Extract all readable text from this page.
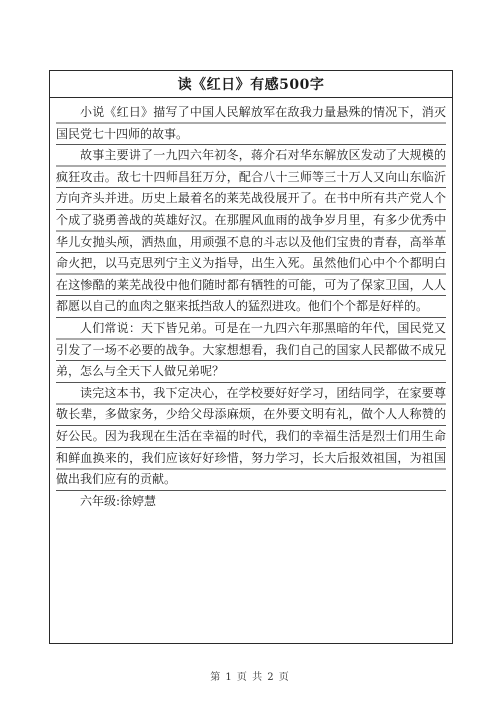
读《红日》有感500字

小说《红日》描写了中国人民解放军在敌我力量悬殊的情况下，消灭国民党七十四师的故事。

故事主要讲了一九四六年初冬，蒋介石对华东解放区发动了大规模的疯狂攻击。敌七十四师昌狂万分，配合八十三师等三十万人又向山东临沂方向齐头并进。历史上最着名的莱芜战役展开了。在书中所有共产党人个个成了骁勇善战的英雄好汉。在那腥风血雨的战争岁月里，有多少优秀中华儿女抛头颅，洒热血，用顽强不息的斗志以及他们宝贵的青春，高举革命火把，以马克思列宁主义为指导，出生入死。虽然他们心中个个都明白在这惨酷的莱芜战役中他们随时都有牺牲的可能，可为了保家卫国，人人都愿以自己的血肉之躯来抵挡敌人的猛烈进攻。他们个个都是好样的。

人们常说：天下皆兄弟。可是在一九四六年那黑暗的年代，国民党又引发了一场不必要的战争。大家想想看，我们自己的国家人民都做不成兄弟，怎么与全天下人做兄弟呢？

读完这本书，我下定决心，在学校要好好学习，团结同学，在家要尊敬长辈，多做家务，少给父母添麻烦，在外要文明有礼，做个人人称赞的好公民。因为我现在生活在幸福的时代，我们的幸福生活是烈士们用生命和鲜血换来的，我们应该好好珍惜，努力学习，长大后报效祖国，为祖国做出我们应有的贡献。

六年级:徐婷慧

第 1 页 共 2 页
